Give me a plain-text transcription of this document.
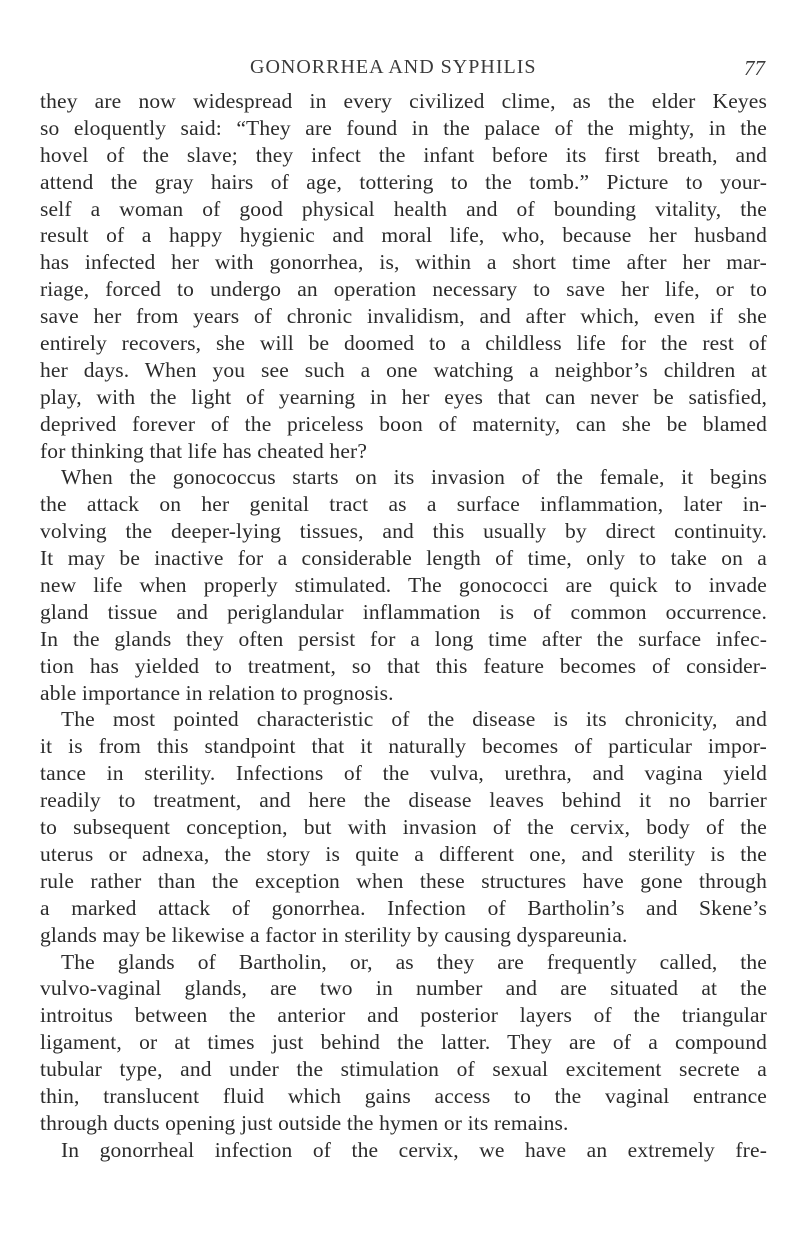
GONORRHEA AND SYPHILIS	77
they are now widespread in every civilized clime, as the elder Keyes
so eloquently said: “They are found in the palace of the mighty, in the
hovel of the slave; they infect the infant before its first breath, and
attend the gray hairs of age, tottering to the tomb.” Picture to your-
self a woman of good physical health and of bounding vitality, the
result of a happy hygienic and moral life, who, because her husband
has infected her with gonorrhea, is, within a short time after her mar-
riage, forced to undergo an operation necessary to save her life, or to
save her from years of chronic invalidism, and after which, even if she
entirely recovers, she will be doomed to a childless life for the rest of
her days. When you see such a one watching a neighbor’s children at
play, with the light of yearning in her eyes that can never be satisfied,
deprived forever of the priceless boon of maternity, can she be blamed
for thinking that life has cheated her?
When the gonococcus starts on its invasion of the female, it begins
the attack on her genital tract as a surface inflammation, later in-
volving the deeper-lying tissues, and this usually by direct continuity.
It may be inactive for a considerable length of time, only to take on a
new life when properly stimulated. The gonococci are quick to invade
gland tissue and periglandular inflammation is of common occurrence.
In the glands they often persist for a long time after the surface infec-
tion has yielded to treatment, so that this feature becomes of consider-
able importance in relation to prognosis.
The most pointed characteristic of the disease is its chronicity, and
it is from this standpoint that it naturally becomes of particular impor-
tance in sterility. Infections of the vulva, urethra, and vagina yield
readily to treatment, and here the disease leaves behind it no barrier
to subsequent conception, but with invasion of the cervix, body of the
uterus or adnexa, the story is quite a different one, and sterility is the
rule rather than the exception when these structures have gone through
a marked attack of gonorrhea. Infection of Bartholin’s and Skene’s
glands may be likewise a factor in sterility by causing dyspareunia.
The glands of Bartholin, or, as they are frequently called, the
vulvo-vaginal glands, are two in number and are situated at the
introitus between the anterior and posterior layers of the triangular
ligament, or at times just behind the latter. They are of a compound
tubular type, and under the stimulation of sexual excitement secrete a
thin, translucent fluid which gains access to the vaginal entrance
through ducts opening just outside the hymen or its remains.
In gonorrheal infection of the cervix, we have an extremely fre-
